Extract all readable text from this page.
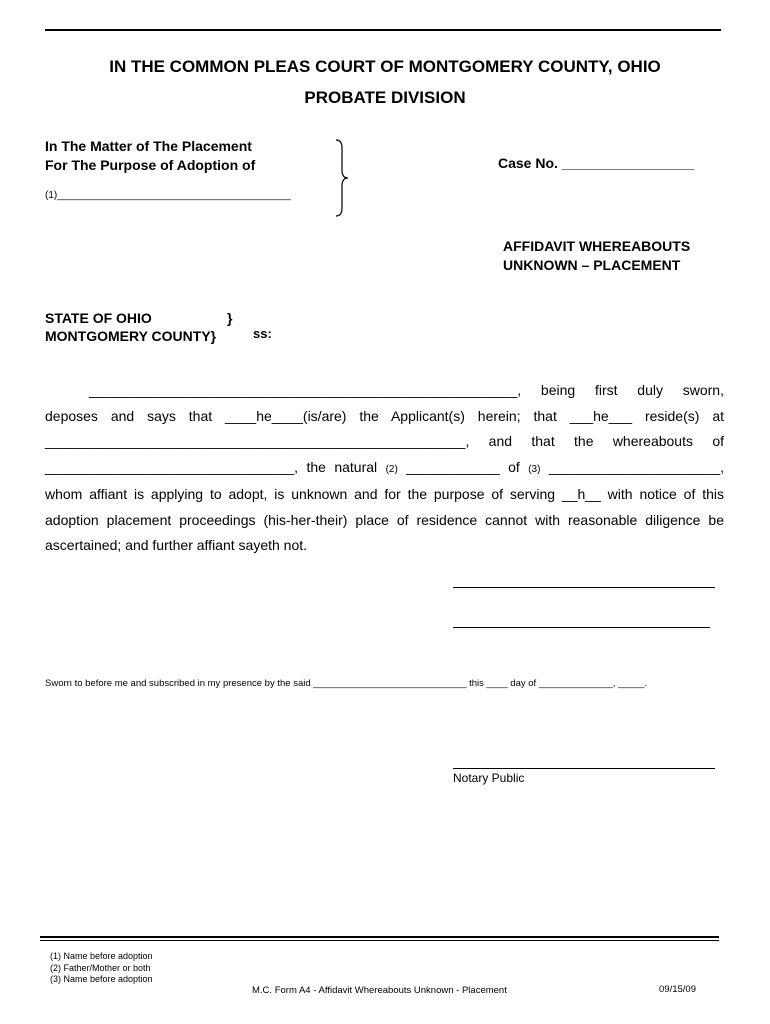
IN THE COMMON PLEAS COURT OF MONTGOMERY COUNTY, OHIO
PROBATE DIVISION
In The Matter of The Placement
For The Purpose of Adoption of
(1)__________________________________________
Case No. _________________
AFFIDAVIT WHEREABOUTS
UNKNOWN – PLACEMENT
STATE OF OHIO	}
MONTGOMERY COUNTY}	ss:
_______________________________________________________, being first duly sworn,
deposes and says that ____he____(is/are) the Applicant(s) herein; that ___he___ reside(s) at
______________________________________________________, and that the whereabouts of
________________________________, the natural (2) ____________ of (3) ______________________,
whom affiant is applying to adopt, is unknown and for the purpose of serving __h__ with notice of this
adoption placement proceedings (his-her-their) place of residence cannot with reasonable diligence be
ascertained; and further affiant sayeth not.
Sworn to before me and subscribed in my presence by the said _____________________________ this ____ day of ______________, _____.
Notary Public
(1) Name before adoption
(2) Father/Mother or both
(3) Name before adoption
M.C. Form A4 - Affidavit Whereabouts Unknown - Placement	09/15/09
